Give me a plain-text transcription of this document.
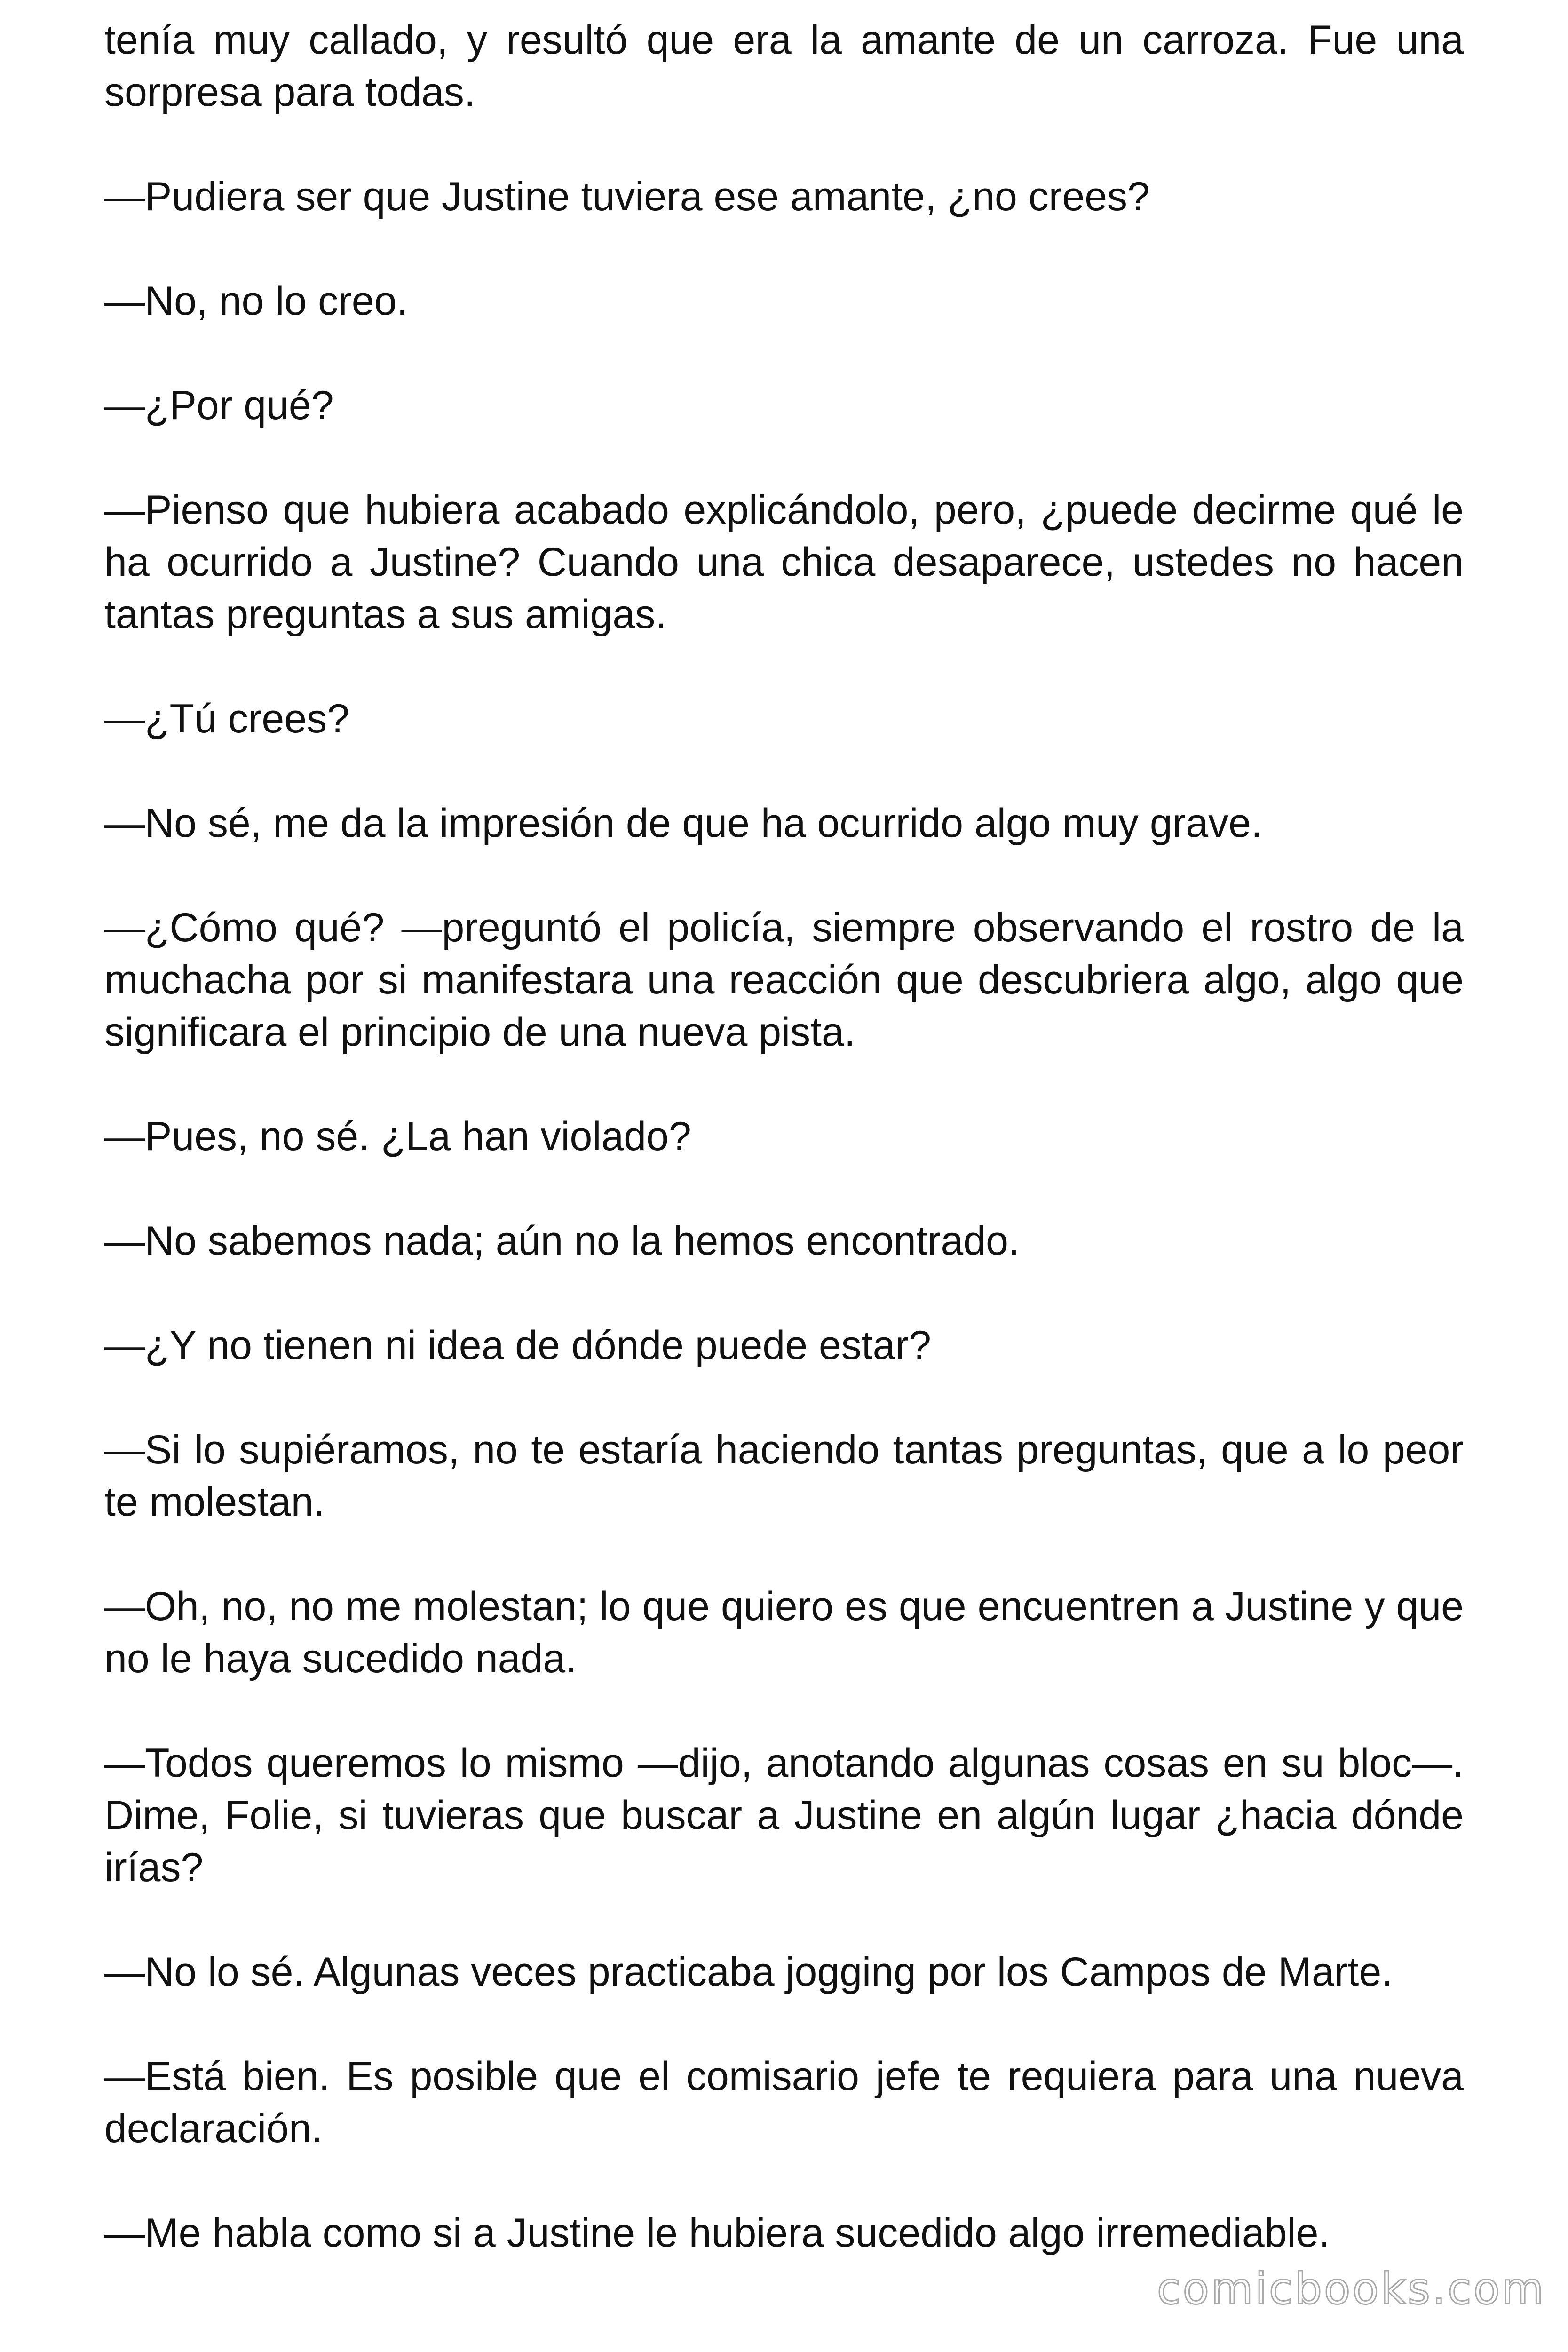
tenía muy callado, y resultó que era la amante de un carroza. Fue una sorpresa para todas.

—Pudiera ser que Justine tuviera ese amante, ¿no crees?

—No, no lo creo.

—¿Por qué?

—Pienso que hubiera acabado explicándolo, pero, ¿puede decirme qué le ha ocurrido a Justine? Cuando una chica desaparece, ustedes no hacen tantas preguntas a sus amigas.

—¿Tú crees?

—No sé, me da la impresión de que ha ocurrido algo muy grave.

—¿Cómo qué? —preguntó el policía, siempre observando el rostro de la muchacha por si manifestara una reacción que descubriera algo, algo que significara el principio de una nueva pista.

—Pues, no sé. ¿La han violado?

—No sabemos nada; aún no la hemos encontrado.

—¿Y no tienen ni idea de dónde puede estar?

—Si lo supiéramos, no te estaría haciendo tantas preguntas, que a lo peor te molestan.

—Oh, no, no me molestan; lo que quiero es que encuentren a Justine y que no le haya sucedido nada.

—Todos queremos lo mismo —dijo, anotando algunas cosas en su bloc—. Dime, Folie, si tuvieras que buscar a Justine en algún lugar ¿hacia dónde irías?

—No lo sé. Algunas veces practicaba jogging por los Campos de Marte.

—Está bien. Es posible que el comisario jefe te requiera para una nueva declaración.

—Me habla como si a Justine le hubiera sucedido algo irremediable.

comicbooks.com
